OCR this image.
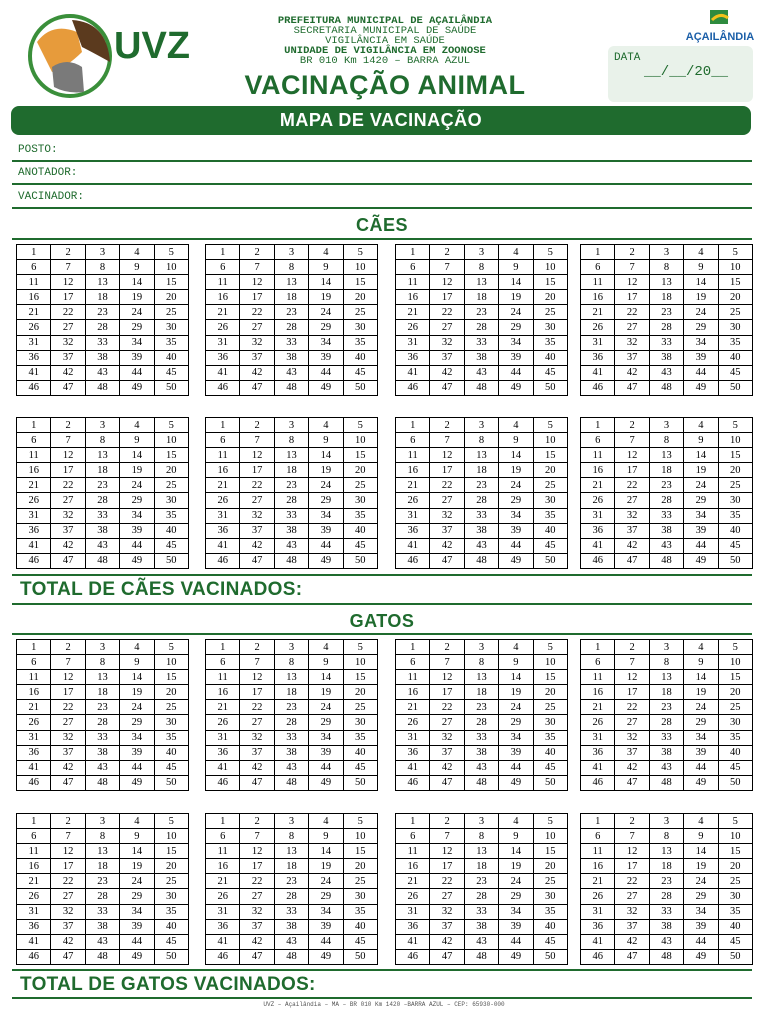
UVZ
PREFEITURA MUNICIPAL DE AÇAILÂNDIA
SECRETARIA MUNICIPAL DE SAÚDE
VIGILÂNCIA EM SAÚDE
UNIDADE DE VIGILÂNCIA EM ZOONOSE
BR 010 Km 1420 – BARRA AZUL
AÇAILÂNDIA
DATA
__/__/20__
VACINAÇÃO ANIMAL
MAPA DE VACINAÇÃO
POSTO:
ANOTADOR:
VACINADOR:
CÃES
1	2	3	4	5
6	7	8	9	10
11	12	13	14	15
16	17	18	19	20
21	22	23	24	25
26	27	28	29	30
31	32	33	34	35
36	37	38	39	40
41	42	43	44	45
46	47	48	49	50
1	2	3	4	5
6	7	8	9	10
11	12	13	14	15
16	17	18	19	20
21	22	23	24	25
26	27	28	29	30
31	32	33	34	35
36	37	38	39	40
41	42	43	44	45
46	47	48	49	50
1	2	3	4	5
6	7	8	9	10
11	12	13	14	15
16	17	18	19	20
21	22	23	24	25
26	27	28	29	30
31	32	33	34	35
36	37	38	39	40
41	42	43	44	45
46	47	48	49	50
1	2	3	4	5
6	7	8	9	10
11	12	13	14	15
16	17	18	19	20
21	22	23	24	25
26	27	28	29	30
31	32	33	34	35
36	37	38	39	40
41	42	43	44	45
46	47	48	49	50
1	2	3	4	5
6	7	8	9	10
11	12	13	14	15
16	17	18	19	20
21	22	23	24	25
26	27	28	29	30
31	32	33	34	35
36	37	38	39	40
41	42	43	44	45
46	47	48	49	50
1	2	3	4	5
6	7	8	9	10
11	12	13	14	15
16	17	18	19	20
21	22	23	24	25
26	27	28	29	30
31	32	33	34	35
36	37	38	39	40
41	42	43	44	45
46	47	48	49	50
1	2	3	4	5
6	7	8	9	10
11	12	13	14	15
16	17	18	19	20
21	22	23	24	25
26	27	28	29	30
31	32	33	34	35
36	37	38	39	40
41	42	43	44	45
46	47	48	49	50
1	2	3	4	5
6	7	8	9	10
11	12	13	14	15
16	17	18	19	20
21	22	23	24	25
26	27	28	29	30
31	32	33	34	35
36	37	38	39	40
41	42	43	44	45
46	47	48	49	50
TOTAL DE CÃES VACINADOS:
GATOS
1	2	3	4	5
6	7	8	9	10
11	12	13	14	15
16	17	18	19	20
21	22	23	24	25
26	27	28	29	30
31	32	33	34	35
36	37	38	39	40
41	42	43	44	45
46	47	48	49	50
1	2	3	4	5
6	7	8	9	10
11	12	13	14	15
16	17	18	19	20
21	22	23	24	25
26	27	28	29	30
31	32	33	34	35
36	37	38	39	40
41	42	43	44	45
46	47	48	49	50
1	2	3	4	5
6	7	8	9	10
11	12	13	14	15
16	17	18	19	20
21	22	23	24	25
26	27	28	29	30
31	32	33	34	35
36	37	38	39	40
41	42	43	44	45
46	47	48	49	50
1	2	3	4	5
6	7	8	9	10
11	12	13	14	15
16	17	18	19	20
21	22	23	24	25
26	27	28	29	30
31	32	33	34	35
36	37	38	39	40
41	42	43	44	45
46	47	48	49	50
1	2	3	4	5
6	7	8	9	10
11	12	13	14	15
16	17	18	19	20
21	22	23	24	25
26	27	28	29	30
31	32	33	34	35
36	37	38	39	40
41	42	43	44	45
46	47	48	49	50
1	2	3	4	5
6	7	8	9	10
11	12	13	14	15
16	17	18	19	20
21	22	23	24	25
26	27	28	29	30
31	32	33	34	35
36	37	38	39	40
41	42	43	44	45
46	47	48	49	50
1	2	3	4	5
6	7	8	9	10
11	12	13	14	15
16	17	18	19	20
21	22	23	24	25
26	27	28	29	30
31	32	33	34	35
36	37	38	39	40
41	42	43	44	45
46	47	48	49	50
1	2	3	4	5
6	7	8	9	10
11	12	13	14	15
16	17	18	19	20
21	22	23	24	25
26	27	28	29	30
31	32	33	34	35
36	37	38	39	40
41	42	43	44	45
46	47	48	49	50
TOTAL DE GATOS VACINADOS:
UVZ – Açailândia – MA – BR 010 Km 1420 –BARRA AZUL – CEP: 65930-000
